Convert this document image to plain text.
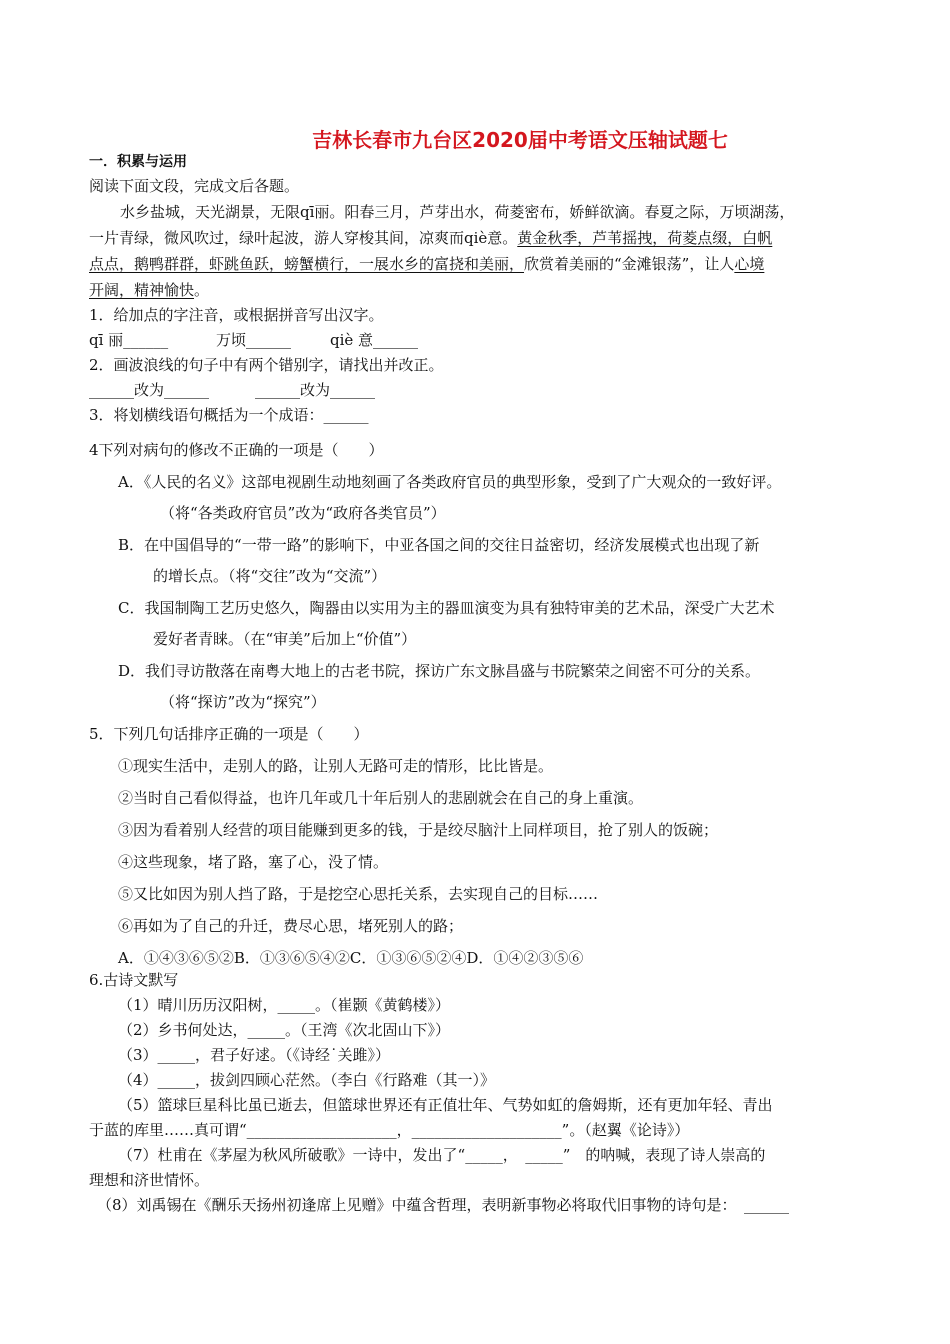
吉林长春市九台区2020届中考语文压轴试题七
一．积累与运用
阅读下面文段，完成文后各题。
水乡盐城，天光湖景，无限qī丽。阳春三月，芦芽出水，荷菱密布，娇鲜欲滴。春夏之际，万顷湖荡，
一片青绿，微风吹过，绿叶起波，游人穿梭其间，凉爽而qiè意。黄金秋季，芦苇摇拽，荷菱点缀，白帆
点点，鹅鸭群群，虾跳鱼跃，螃蟹横行，一展水乡的富挠和美丽，欣赏着美丽的“金滩银荡”，让人心境
开阔，精神愉快。
1．给加点的字注音，或根据拼音写出汉字。
qī 丽______	万顷______	qiè 意______
2．画波浪线的句子中有两个错别字，请找出并改正。
______改为______	______改为______
3．将划横线语句概括为一个成语：______
4下列对病句的修改不正确的一项是（　　）
A．《人民的名义》这部电视剧生动地刻画了各类政府官员的典型形象，受到了广大观众的一致好评。
（将“各类政府官员”改为“政府各类官员”）
B．在中国倡导的“一带一路”的影响下，中亚各国之间的交往日益密切，经济发展模式也出现了新
的增长点。（将“交往”改为“交流”）
C．我国制陶工艺历史悠久，陶器由以实用为主的器皿演变为具有独特审美的艺术品，深受广大艺术
爱好者青睐。（在“审美”后加上“价值”）
D．我们寻访散落在南粤大地上的古老书院，探访广东文脉昌盛与书院繁荣之间密不可分的关系。
（将“探访”改为“探究”）
5．下列几句话排序正确的一项是（　　）
①现实生活中，走别人的路，让别人无路可走的情形，比比皆是。
②当时自己看似得益，也许几年或几十年后别人的悲剧就会在自己的身上重演。
③因为看着别人经营的项目能赚到更多的钱，于是绞尽脑汁上同样项目，抢了别人的饭碗；
④这些现象，堵了路，塞了心，没了情。
⑤又比如因为别人挡了路，于是挖空心思托关系，去实现自己的目标……
⑥再如为了自己的升迁，费尽心思，堵死别人的路；
A．①④③⑥⑤②B．①③⑥⑤④②C．①③⑥⑤②④D．①④②③⑤⑥
6.古诗文默写
（1）晴川历历汉阳树，_____。（崔颢《黄鹤楼》）
（2）乡书何处达，_____。（王湾《次北固山下》）
（3）_____，君子好逑。（《诗经˙关雎》）
（4）_____，拔剑四顾心茫然。（李白《行路难（其一）》
（5）篮球巨星科比虽已逝去，但篮球世界还有正值壮年、气势如虹的詹姆斯，还有更加年轻、青出
于蓝的库里……真可谓“____________________，____________________”。（赵翼《论诗》）
（7）杜甫在《茅屋为秋风所破歌》一诗中，发出了“_____，　_____”　的呐喊，表现了诗人崇高的
理想和济世情怀。
（8）刘禹锡在《酬乐天扬州初逢席上见赠》中蕴含哲理，表明新事物必将取代旧事物的诗句是：　______
